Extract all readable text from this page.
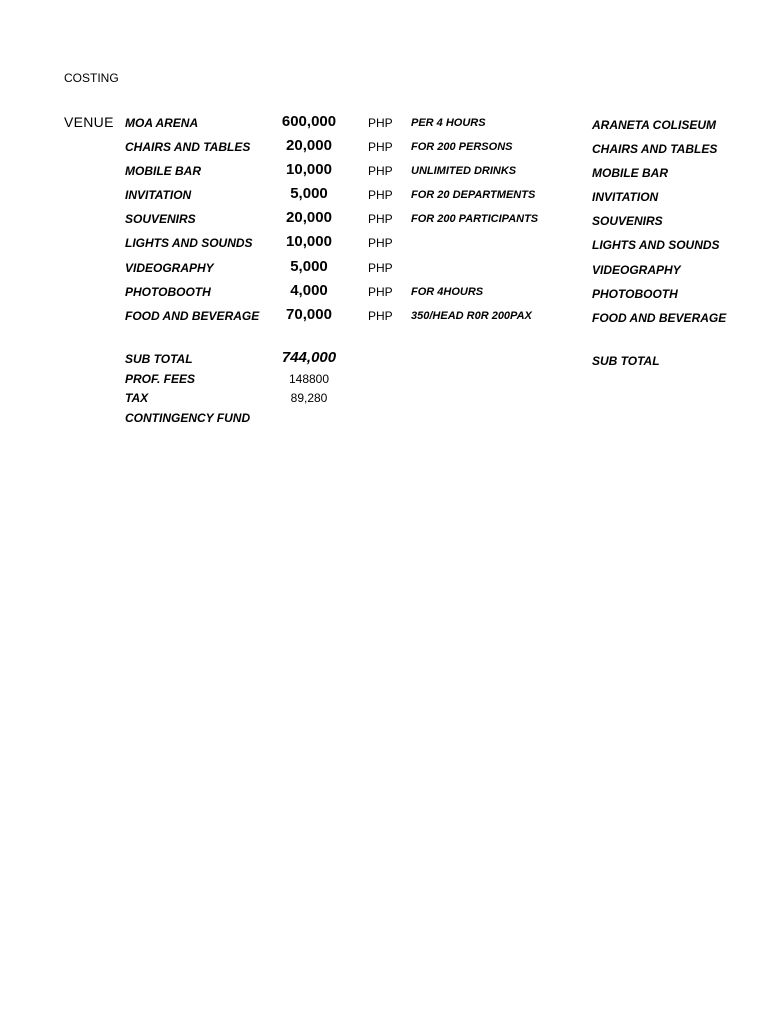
COSTING
VENUE MOA ARENA	600,000	PHP PER 4 HOURS	ARANETA COLISEUM
CHAIRS AND TABLES	20,000	PHP FOR 200 PERSONS	CHAIRS AND TABLES
MOBILE BAR	10,000	PHP UNLIMITED DRINKS	MOBILE BAR
INVITATION	5,000	PHP FOR 20 DEPARTMENTS	INVITATION
SOUVENIRS	20,000	PHP FOR 200 PARTICIPANTS	SOUVENIRS
LIGHTS AND SOUNDS	10,000	PHP	LIGHTS AND SOUNDS
VIDEOGRAPHY	5,000	PHP	VIDEOGRAPHY
PHOTOBOOTH	4,000	PHP FOR 4HOURS	PHOTOBOOTH
FOOD AND BEVERAGE	70,000	PHP 350/HEAD R0R 200PAX	FOOD AND BEVERAGE
SUB TOTAL	744,000	SUB TOTAL
PROF. FEES	148800
TAX	89,280
CONTINGENCY FUND
